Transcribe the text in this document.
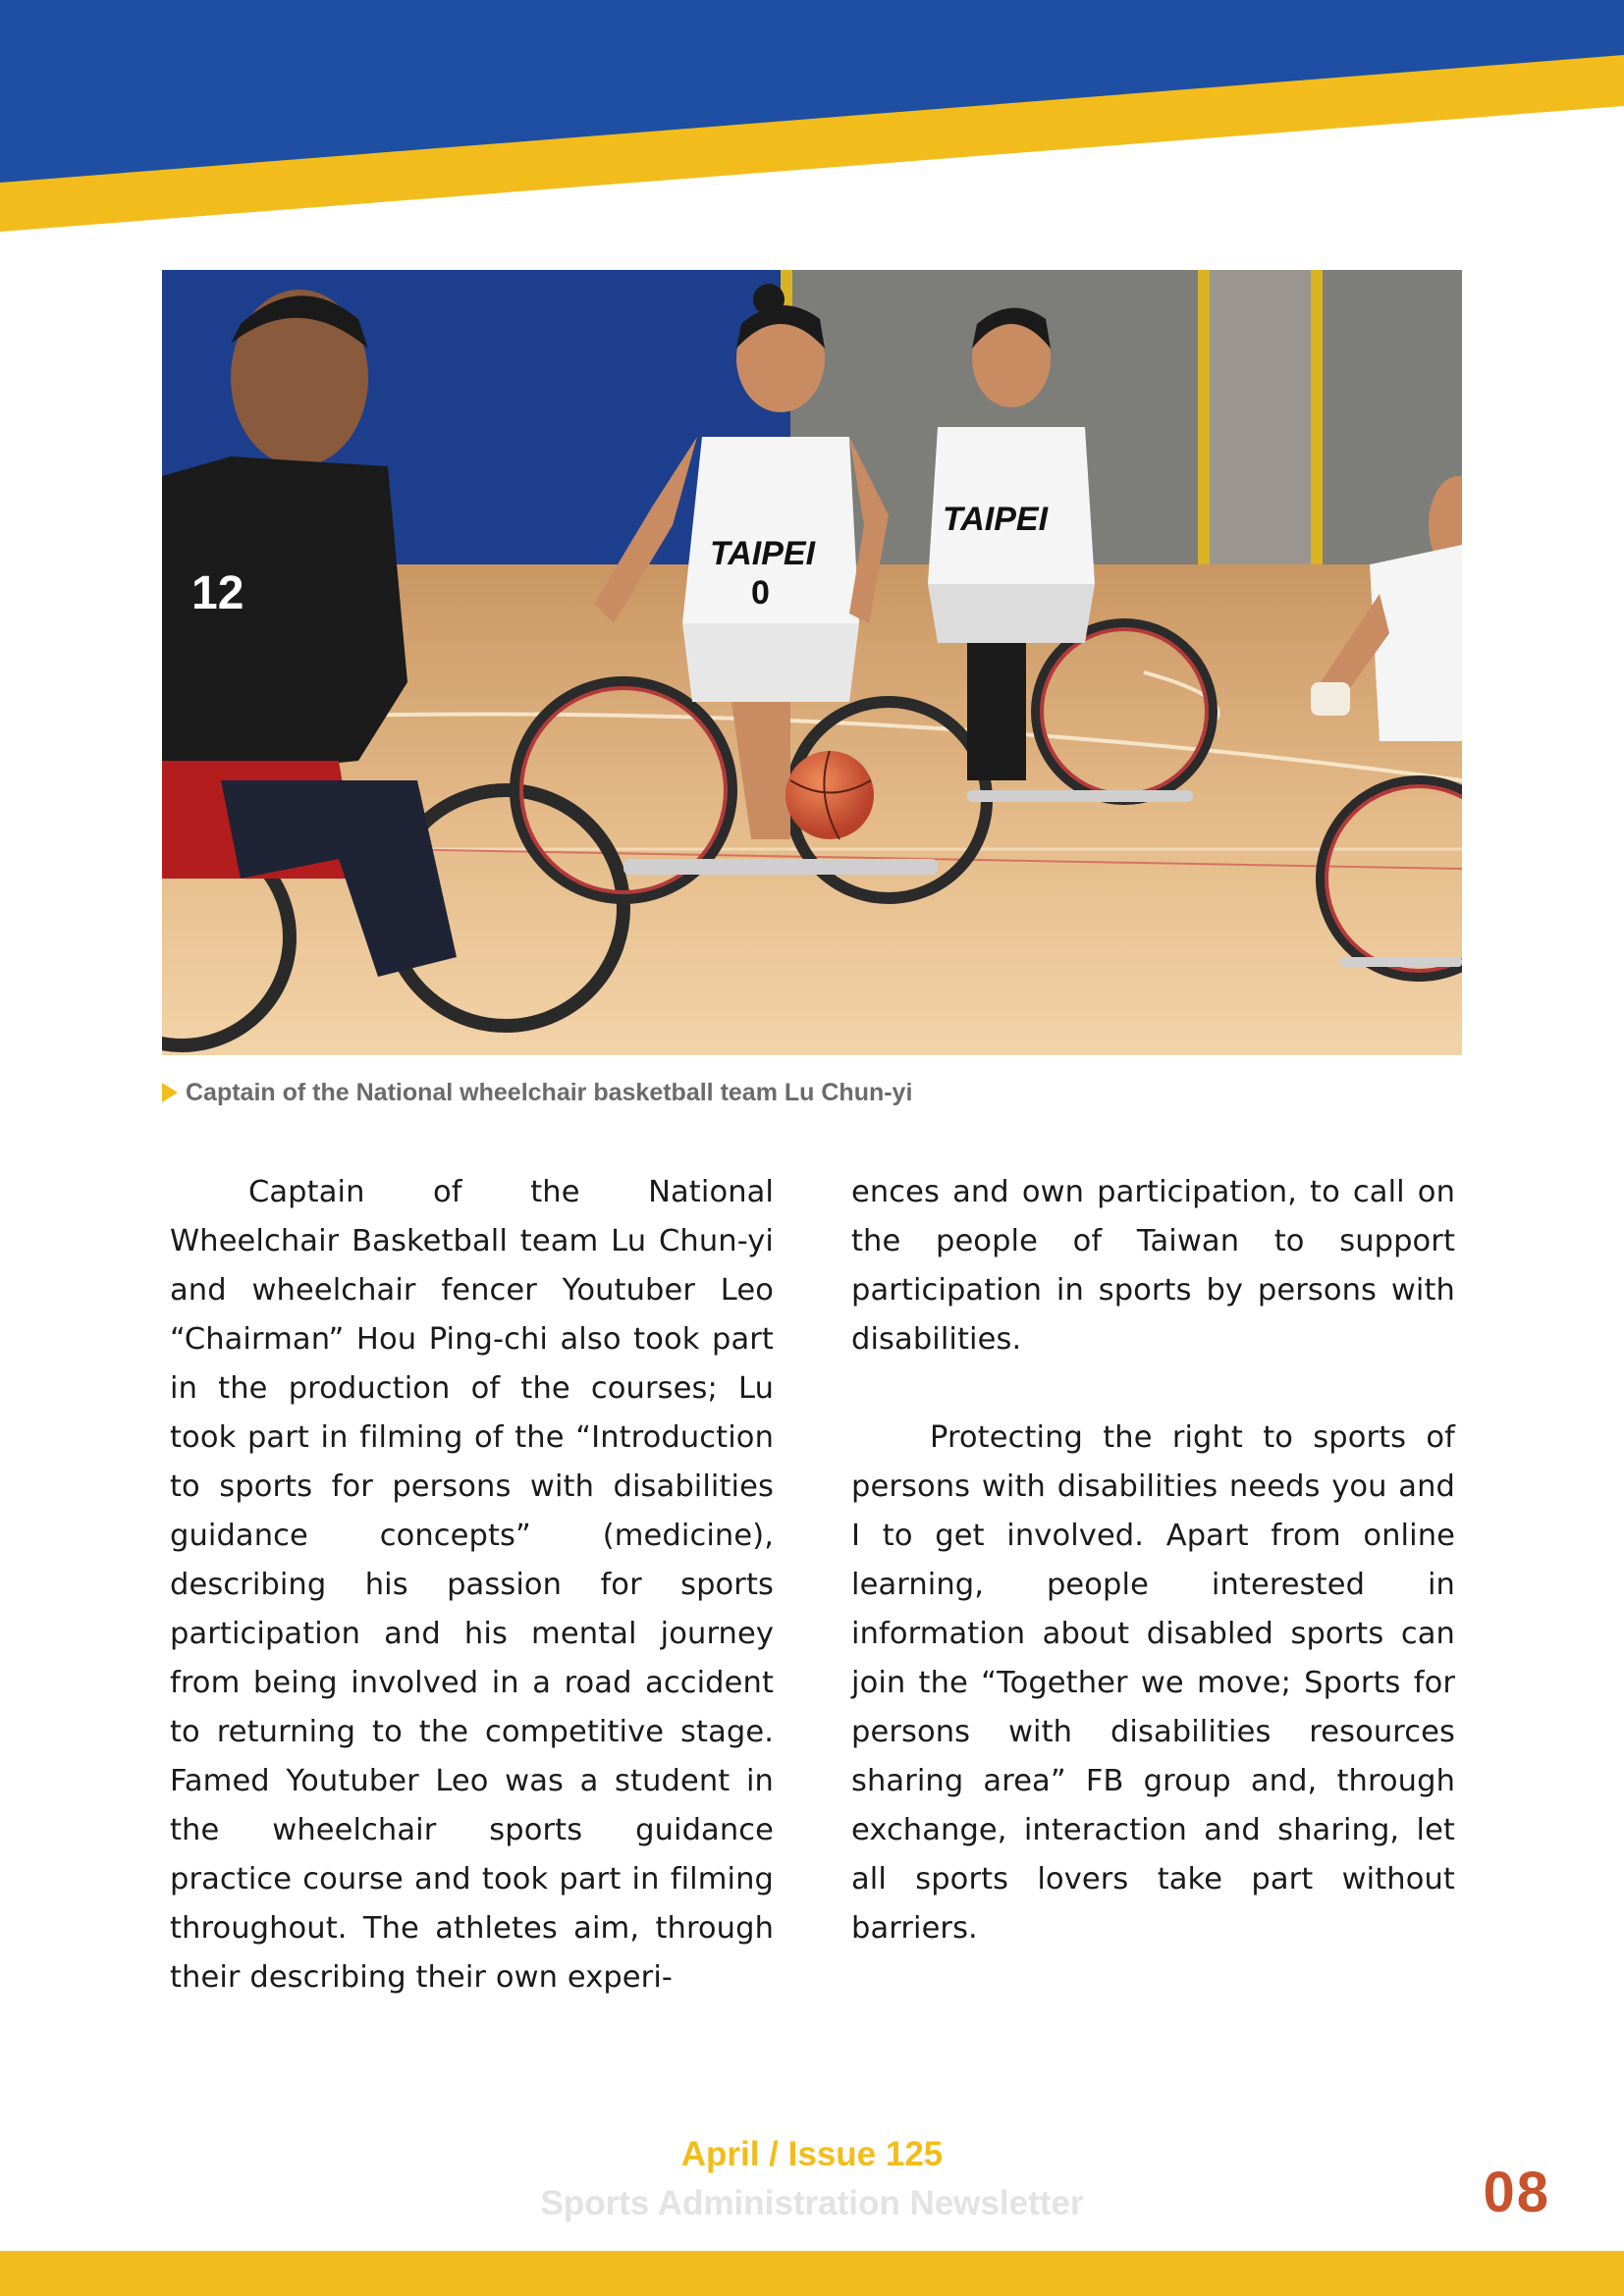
12
TAIPEI
0
TAIPEI
Captain of the National wheelchair basketball team Lu Chun-yi

Captain of the National Wheelchair Basketball team Lu Chun-yi and wheelchair fencer Youtuber Leo “Chairman” Hou Ping-chi also took part in the production of the courses; Lu took part in filming of the “Introduction to sports for persons with disabilities guidance concepts” (medicine), describing his passion for sports participation and his mental journey from being involved in a road accident to returning to the competitive stage. Famed Youtuber Leo was a student in the wheelchair sports guidance practice course and took part in filming throughout. The athletes aim, through their describing their own experi-

ences and own participation, to call on the people of Taiwan to support participation in sports by persons with disabilities.

Protecting the right to sports of persons with disabilities needs you and I to get involved. Apart from online learning, people interested in information about disabled sports can join the “Together we move; Sports for persons with disabilities resources sharing area” FB group and, through exchange, interaction and sharing, let all sports lovers take part without barriers.

April / Issue 125
Sports Administration Newsletter	08
